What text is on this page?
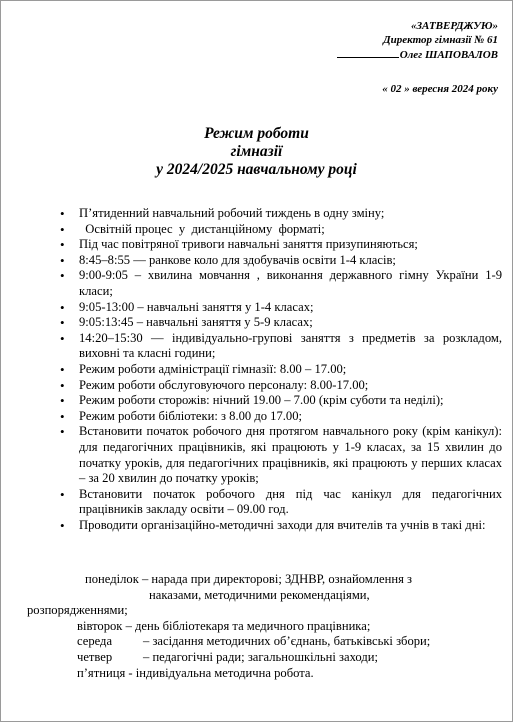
«ЗАТВЕРДЖУЮ»
Директор гімназії № 61
Олег ШАПОВАЛОВ
« 02 » вересня 2024 року
Режим роботи
гімназії
у 2024/2025 навчальному році
• П’ятиденний навчальний робочий тиждень в одну зміну;
•   Освітній процес  у  дистанційному  форматі;
• Під час повітряної тривоги навчальні заняття призупиняються;
• 8:45–8:55 — ранкове коло для здобувачів освіти 1-4 класів;
• 9:00-9:05 – хвилина мовчання , виконання державного гімну України 1-9 класи;
• 9:05-13:00 – навчальні заняття у 1-4 класах;
• 9:05:13:45 – навчальні заняття у 5-9 класах;
• 14:20–15:30 — індивідуально-групові заняття з предметів за розкладом, виховні та класні години;
• Режим роботи адміністрації гімназії: 8.00 – 17.00;
• Режим роботи обслуговуючого персоналу: 8.00-17.00;
• Режим роботи сторожів: нічний 19.00 – 7.00 (крім суботи та неділі);
• Режим роботи бібліотеки: з 8.00 до 17.00;
• Встановити початок робочого дня протягом навчального року (крім канікул): для педагогічних працівників, які працюють у 1-9 класах, за 15 хвилин до початку уроків, для педагогічних працівників, які працюють у перших класах – за 20 хвилин до початку уроків;
• Встановити початок робочого дня під час канікул для педагогічних працівників закладу освіти – 09.00 год.
• Проводити організаційно-методичні заходи для вчителів та учнів в такі дні:
понеділок – нарада при директорові; ЗДНВР, ознайомлення з
наказами, методичними рекомендаціями,
розпорядженнями;
вівторок – день бібліотекаря та медичного працівника;
середа – засідання методичних об’єднань, батьківські збори;
четвер – педагогічні ради; загальношкільні заходи;
п’ятниця - індивідуальна методична робота.
